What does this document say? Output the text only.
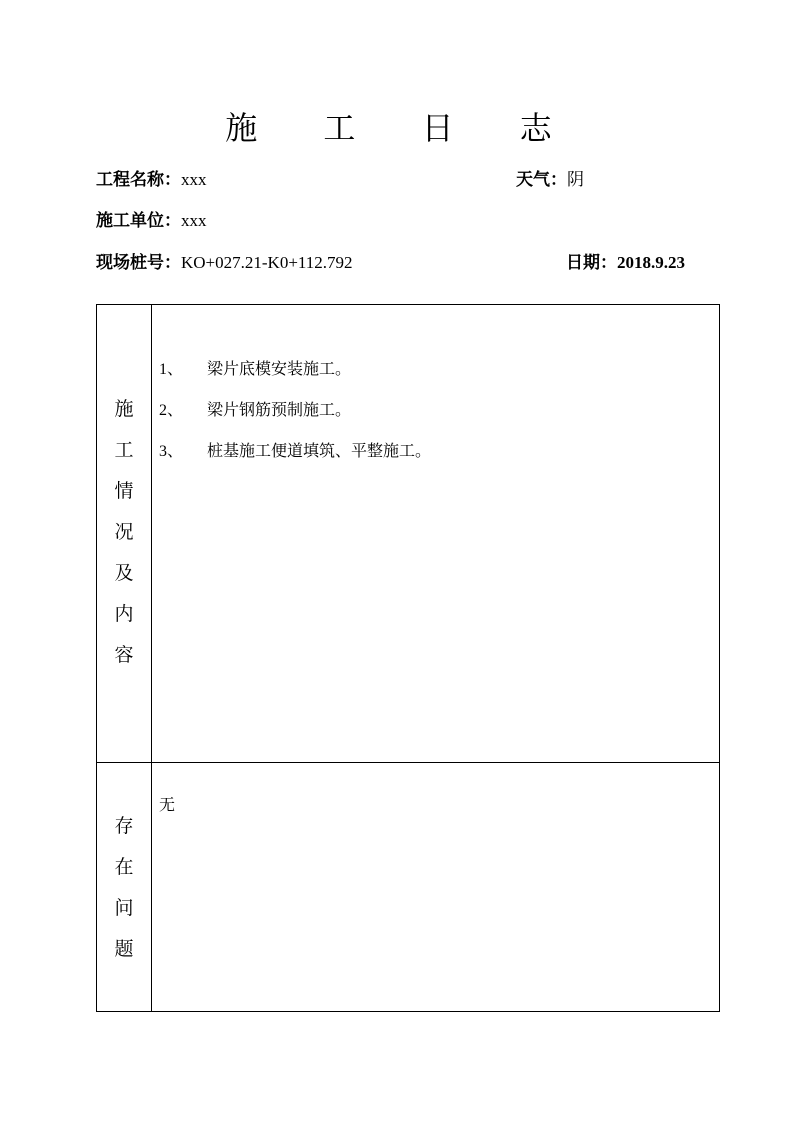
施 工 日 志
工程名称：xxx	天气：阴
施工单位：xxx
现场桩号：KO+027.21-K0+112.792	日期：2018.9.23
施
工
情
况
及
内
容
1、 梁片底模安装施工。
2、 梁片钢筋预制施工。
3、 桩基施工便道填筑、平整施工。
存
在
问
题
无
